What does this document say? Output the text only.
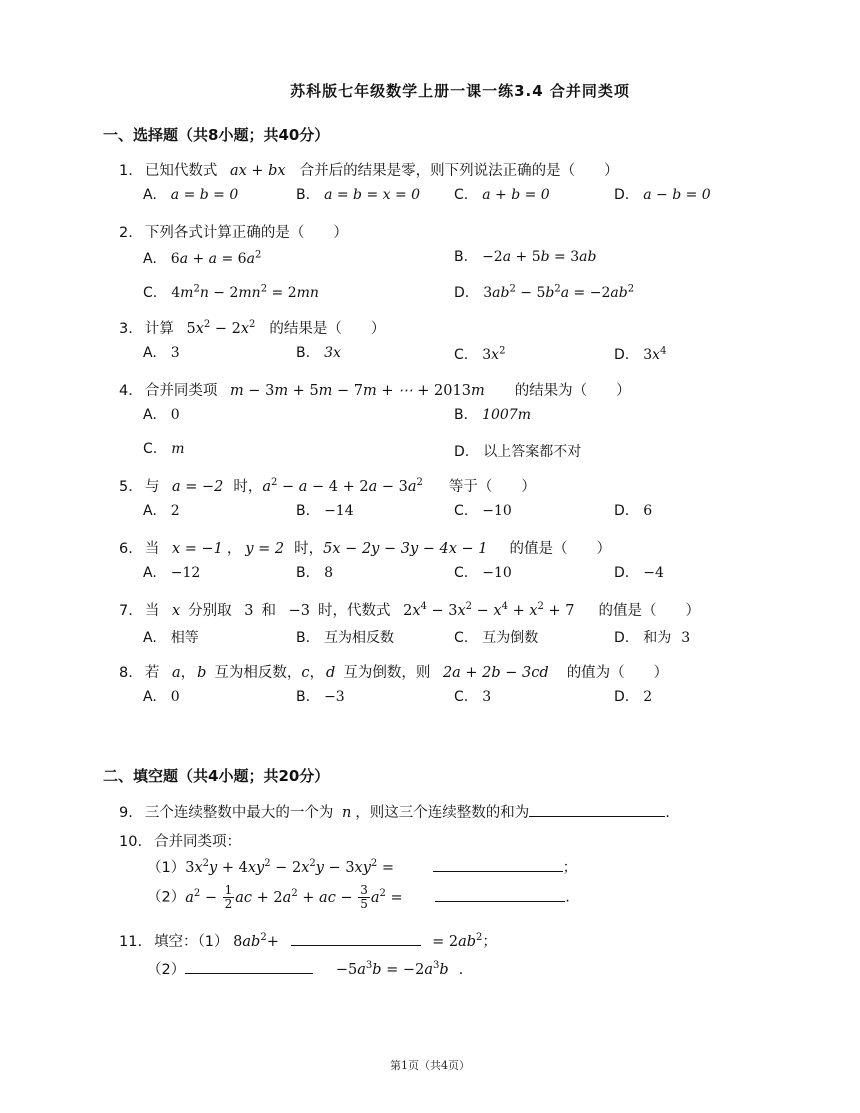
苏科版七年级数学上册一课一练3.4 合并同类项
一、选择题（共8小题；共40分）
1. 已知代数式 ax + bx 合并后的结果是零，则下列说法正确的是（　　）
A. a = b = 0	B. a = b = x = 0 C. a + b = 0	D. a − b = 0
2. 下列各式计算正确的是（　　）
A. $6a + a = 6a^2$	B. −2a + 5b = 3ab
C. $4m^2n - 2mn^2 = 2mn$	D. $3ab^2 - 5b^2a = -2ab^2$
3. 计算 $5x^2 - 2x^2$ 的结果是（　　）
A. 3	B. 3x	C. $3x^2$	D. $3x^4$
4. 合并同类项 m − 3m + 5m − 7m + ⋯ + 2013m 的结果为（　　）
A. 0	B. 1007m
C. m	D. 以上答案都不对
5. 与 a = −2 时，$a^2 - a - 4 + 2a - 3a^2$ 等于（　　）
A. 2	B. −14	C. −10	D. 6
6. 当 x = −1 ， y = 2 时，5x − 2y − 3y − 4x − 1 的值是（　　）
A. −12	B. 8	C. −10	D. −4
7. 当 x 分别取 3 和 −3 时，代数式 $2x^4 - 3x^2 - x^4 + x^2 + 7$ 的值是（　　）
A. 相等	B. 互为相反数	C. 互为倒数	D. 和为 3
8. 若 a， b 互为相反数，c， d 互为倒数，则 2a + 2b − 3cd 的值为（　　）
A. 0	B. −3	C. 3	D. 2
二、填空题（共4小题；共20分）
9. 三个连续整数中最大的一个为 n ，则这三个连续整数的和为	.
10. 合并同类项：
$(1)3x^2y + 4xy^2 - 2x^2y - 3xy^2$ =	；
$(2)a^2 - \frac{1}{2}$ ac + $2a^2$ + ac − $\frac{3}{5} a^2$ =	.
11. 填空：（1） $8ab^2+$	= $2ab^2$；
（2）	$-5a^3b = -2a^3b$ .
第1页（共4页）
